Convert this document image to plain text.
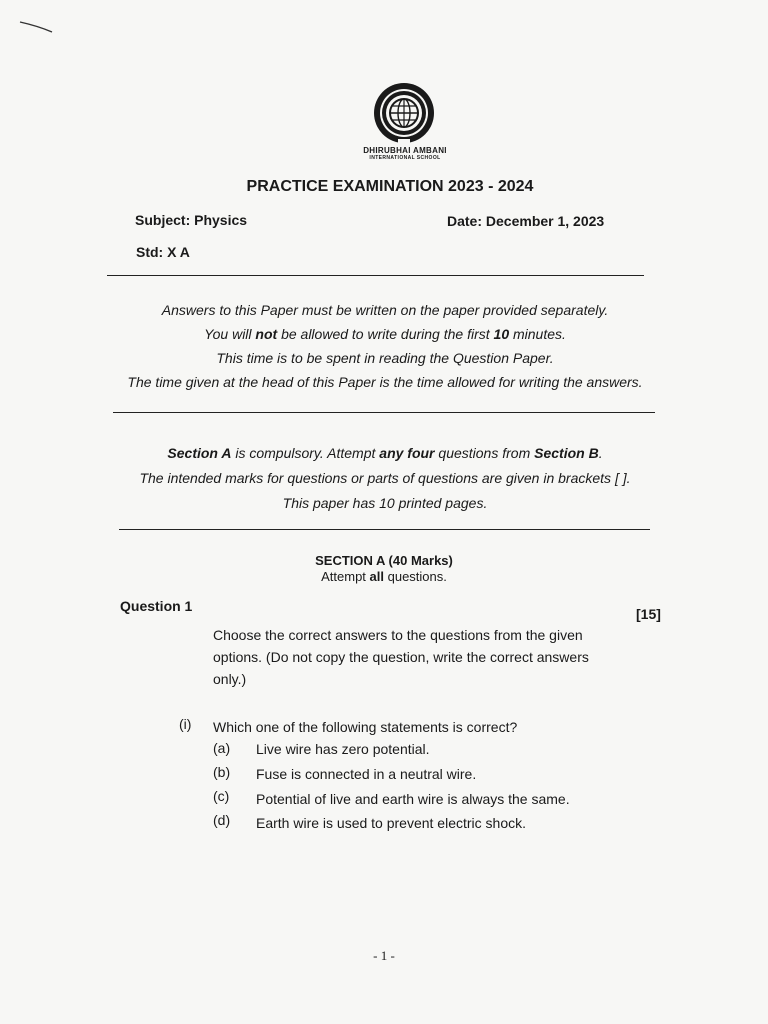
DHIRUBHAI AMBANI
INTERNATIONAL SCHOOL
PRACTICE EXAMINATION 2023 - 2024
Subject: Physics	Date: December 1, 2023
Std: X A
Answers to this Paper must be written on the paper provided separately.
You will not be allowed to write during the first 10 minutes.
This time is to be spent in reading the Question Paper.
The time given at the head of this Paper is the time allowed for writing the answers.
Section A is compulsory. Attempt any four questions from Section B.
The intended marks for questions or parts of questions are given in brackets [ ].
This paper has 10 printed pages.
SECTION A (40 Marks)
Attempt all questions.
Question 1	[15]
Choose the correct answers to the questions from the given
options. (Do not copy the question, write the correct answers
only.)
(i) Which one of the following statements is correct?
(a)	Live wire has zero potential.
(b)	Fuse is connected in a neutral wire.
(c)	Potential of live and earth wire is always the same.
(d)	Earth wire is used to prevent electric shock.
- 1 -
